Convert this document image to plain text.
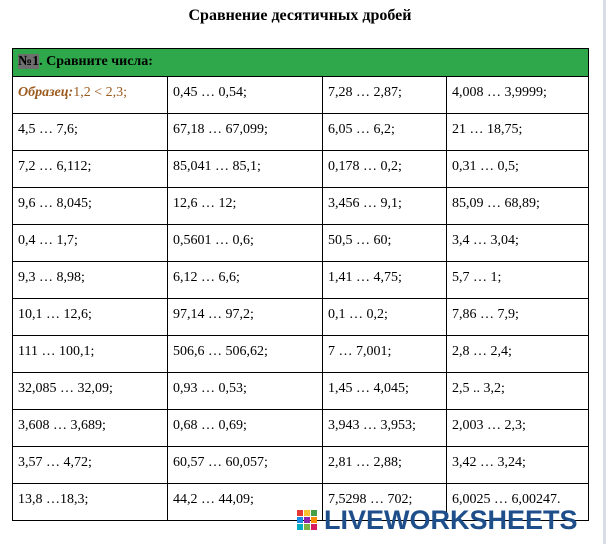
Сравнение десятичных дробей
№1. Сравните числа:			
Образец:1,2 < 2,3;	0,45 … 0,54;	7,28 … 2,87;	4,008 … 3,9999;
4,5 … 7,6;	67,18 … 67,099;	6,05 … 6,2;	21 … 18,75;
7,2 … 6,112;	85,041 … 85,1;	0,178 … 0,2;	0,31 … 0,5;
9,6 … 8,045;	12,6 … 12;	3,456 … 9,1;	85,09 … 68,89;
0,4 … 1,7;	0,5601 … 0,6;	50,5 … 60;	3,4 … 3,04;
9,3 … 8,98;	6,12 … 6,6;	1,41 … 4,75;	5,7 … 1;
10,1 … 12,6;	97,14 … 97,2;	0,1 … 0,2;	7,86 … 7,9;
111 … 100,1;	506,6 … 506,62;	7 … 7,001;	2,8 … 2,4;
32,085 … 32,09;	0,93 … 0,53;	1,45 … 4,045;	2,5 .. 3,2;
3,608 … 3,689;	0,68 … 0,69;	3,943 … 3,953;	2,003 … 2,3;
3,57 … 4,72;	60,57 … 60,057;	2,81 … 2,88;	3,42 … 3,24;
13,8 …18,3;	44,2 … 44,09;	7,5298 … 702;	6,0025 … 6,00247.
LIVEWORKSHEETS
